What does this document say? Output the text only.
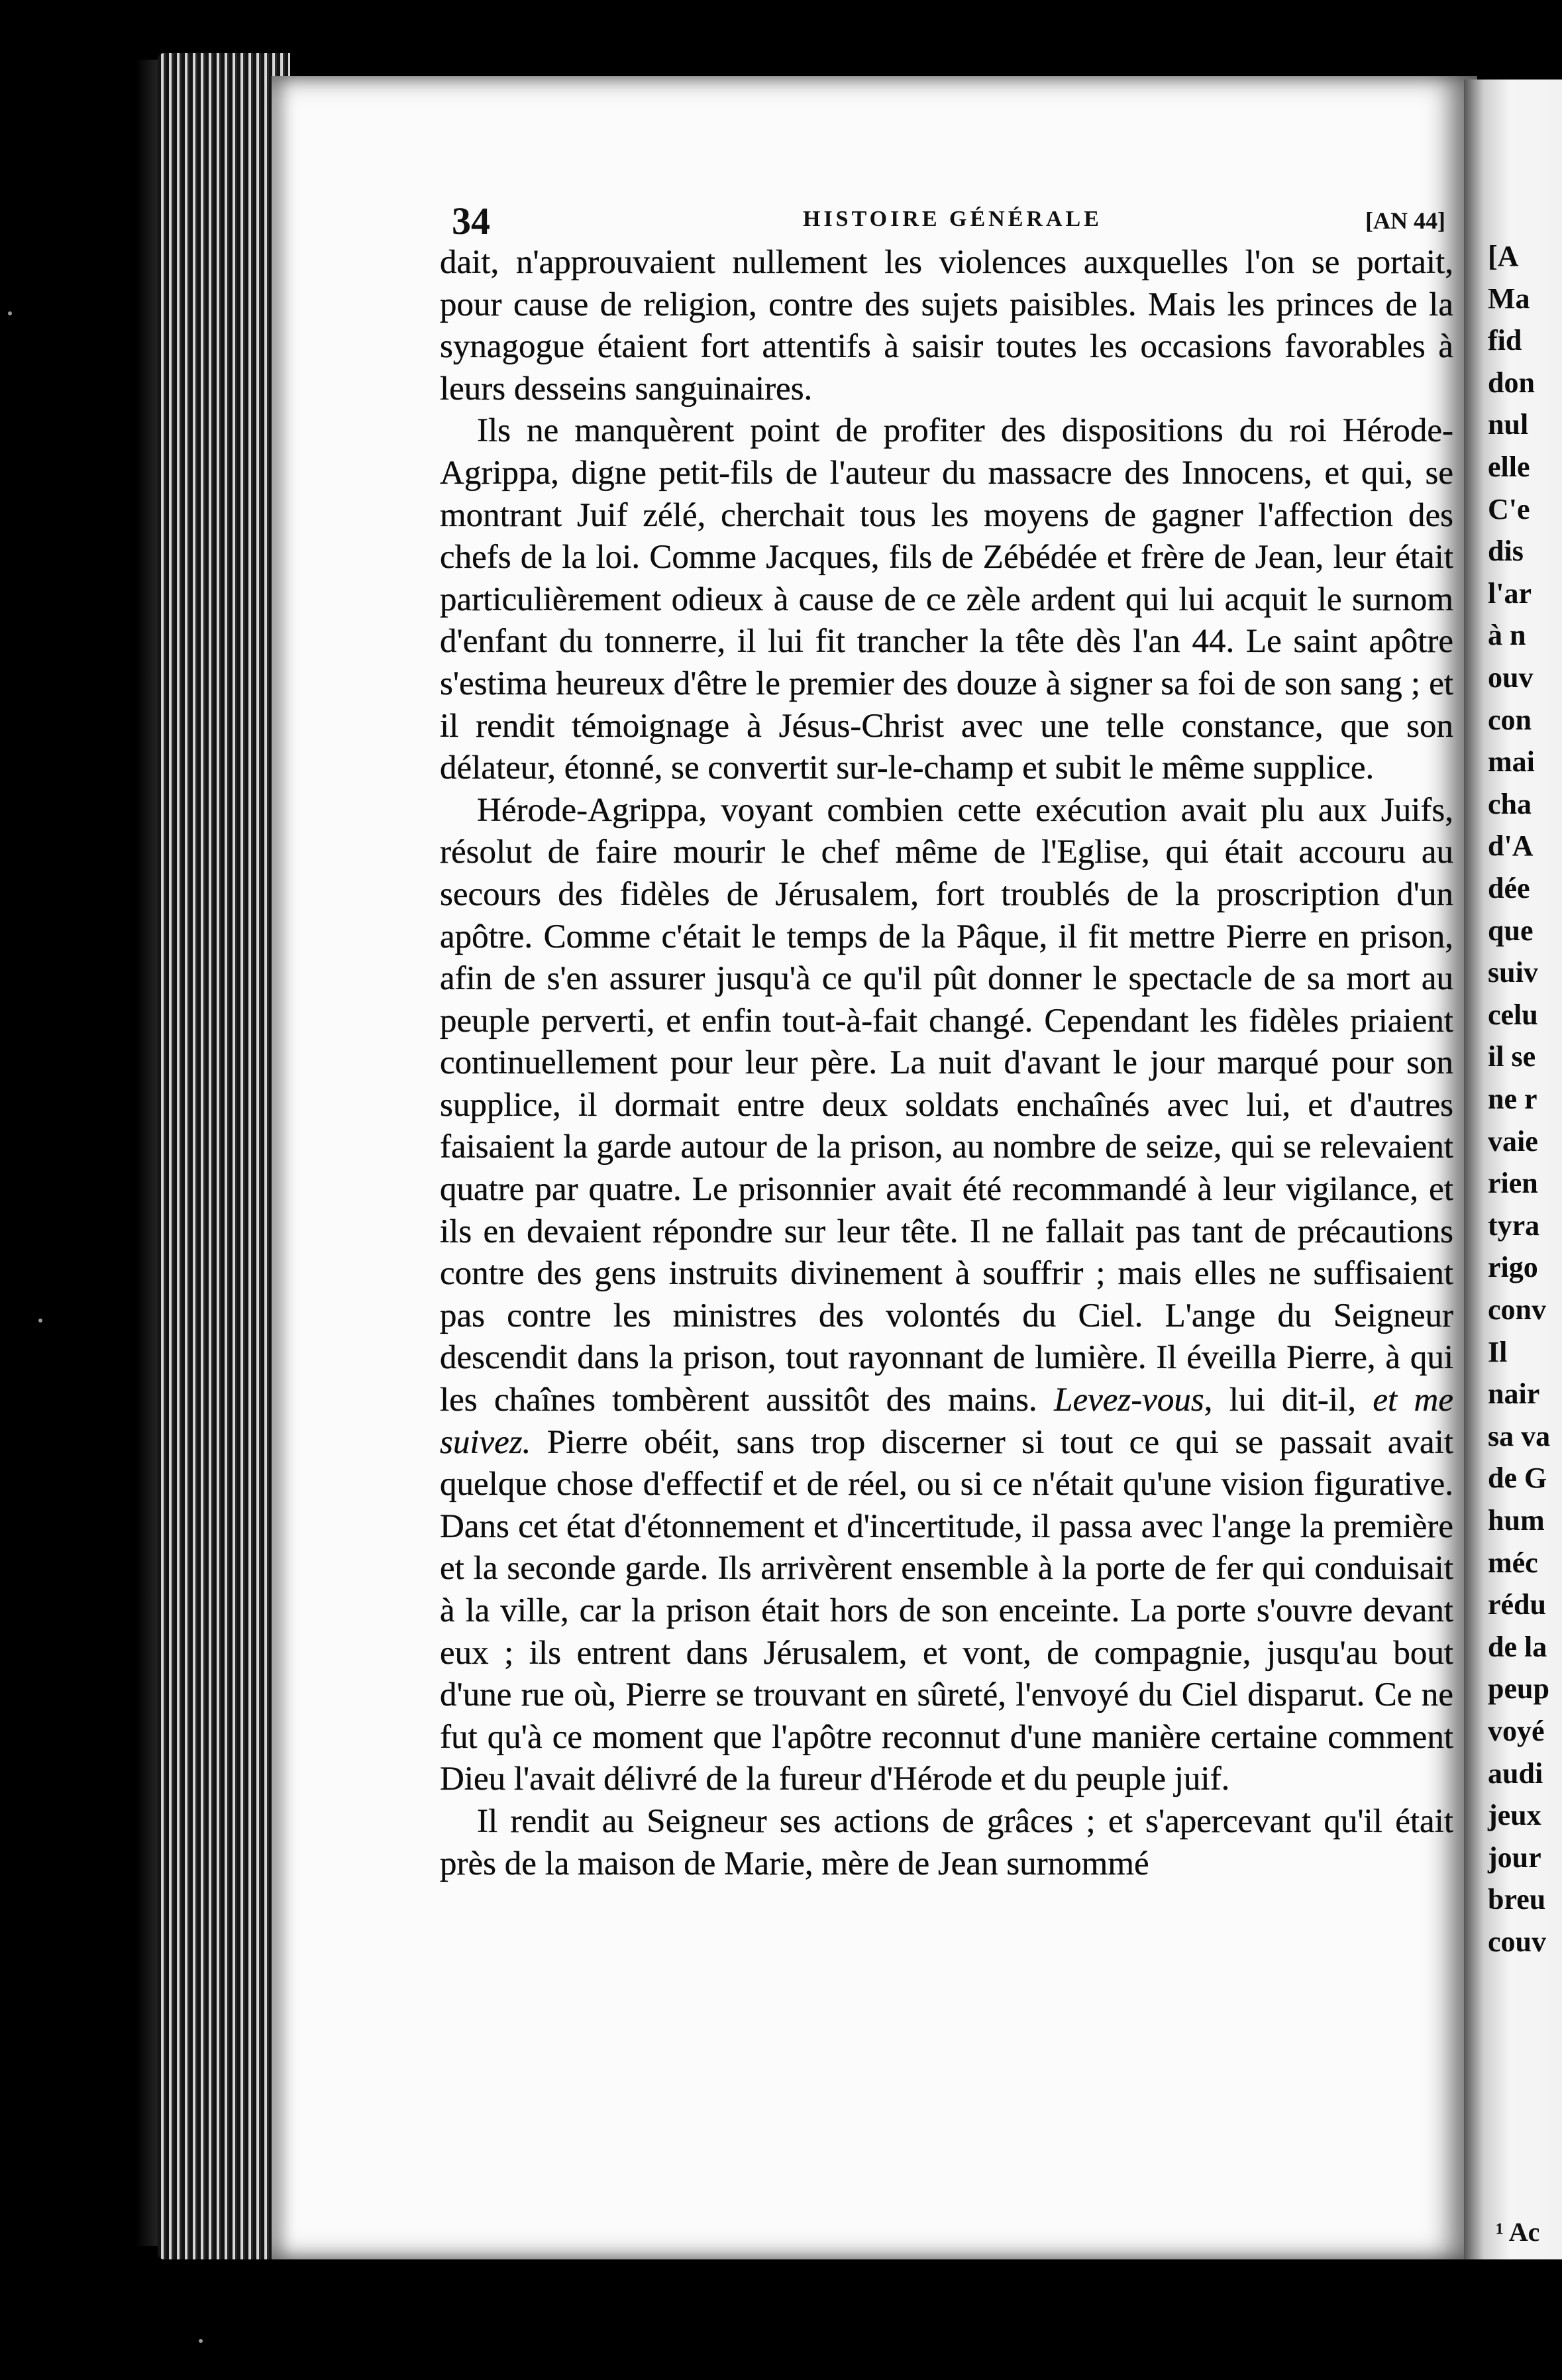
34	HISTOIRE GÉNÉRALE	[AN 44]

dait, n'approuvaient nullement les violences auxquelles l'on se portait, pour cause de religion, contre des sujets paisibles. Mais les princes de la synagogue étaient fort attentifs à saisir toutes les occasions favorables à leurs desseins sanguinaires.

Ils ne manquèrent point de profiter des dispositions du roi Hérode-Agrippa, digne petit-fils de l'auteur du massacre des Innocens, et qui, se montrant Juif zélé, cherchait tous les moyens de gagner l'affection des chefs de la loi. Comme Jacques, fils de Zébédée et frère de Jean, leur était particulièrement odieux à cause de ce zèle ardent qui lui acquit le surnom d'enfant du tonnerre, il lui fit trancher la tête dès l'an 44. Le saint apôtre s'estima heureux d'être le premier des douze à signer sa foi de son sang ; et il rendit témoignage à Jésus-Christ avec une telle constance, que son délateur, étonné, se convertit sur-le-champ et subit le même supplice.

Hérode-Agrippa, voyant combien cette exécution avait plu aux Juifs, résolut de faire mourir le chef même de l'Eglise, qui était accouru au secours des fidèles de Jérusalem, fort troublés de la proscription d'un apôtre. Comme c'était le temps de la Pâque, il fit mettre Pierre en prison, afin de s'en assurer jusqu'à ce qu'il pût donner le spectacle de sa mort au peuple perverti, et enfin tout-à-fait changé. Cependant les fidèles priaient continuellement pour leur père. La nuit d'avant le jour marqué pour son supplice, il dormait entre deux soldats enchaînés avec lui, et d'autres faisaient la garde autour de la prison, au nombre de seize, qui se relevaient quatre par quatre. Le prisonnier avait été recommandé à leur vigilance, et ils en devaient répondre sur leur tête. Il ne fallait pas tant de précautions contre des gens instruits divinement à souffrir ; mais elles ne suffisaient pas contre les ministres des volontés du Ciel. L'ange du Seigneur descendit dans la prison, tout rayonnant de lumière. Il éveilla Pierre, à qui les chaînes tombèrent aussitôt des mains. Levez-vous, lui dit-il, et me suivez. Pierre obéit, sans trop discerner si tout ce qui se passait avait quelque chose d'effectif et de réel, ou si ce n'était qu'une vision figurative. Dans cet état d'étonnement et d'incertitude, il passa avec l'ange la première et la seconde garde. Ils arrivèrent ensemble à la porte de fer qui conduisait à la ville, car la prison était hors de son enceinte. La porte s'ouvre devant eux ; ils entrent dans Jérusalem, et vont, de compagnie, jusqu'au bout d'une rue où, Pierre se trouvant en sûreté, l'envoyé du Ciel disparut. Ce ne fut qu'à ce moment que l'apôtre reconnut d'une manière certaine comment Dieu l'avait délivré de la fureur d'Hérode et du peuple juif.

Il rendit au Seigneur ses actions de grâces ; et s'apercevant qu'il était près de la maison de Marie, mère de Jean surnommé

¹ Ac
[A
Ma
fid
don
nul
elle
C'e
dis
l'ar
à n
ouv
con
mai
cha
d'A
dée
que
suiv
celu
il se
ne r
vaie
rien
tyra
rigo
conv
Il
nair
sa va
de G
hum
méc
rédu
de la
peup
voyé
audi
jeux
jour
breu
couv
